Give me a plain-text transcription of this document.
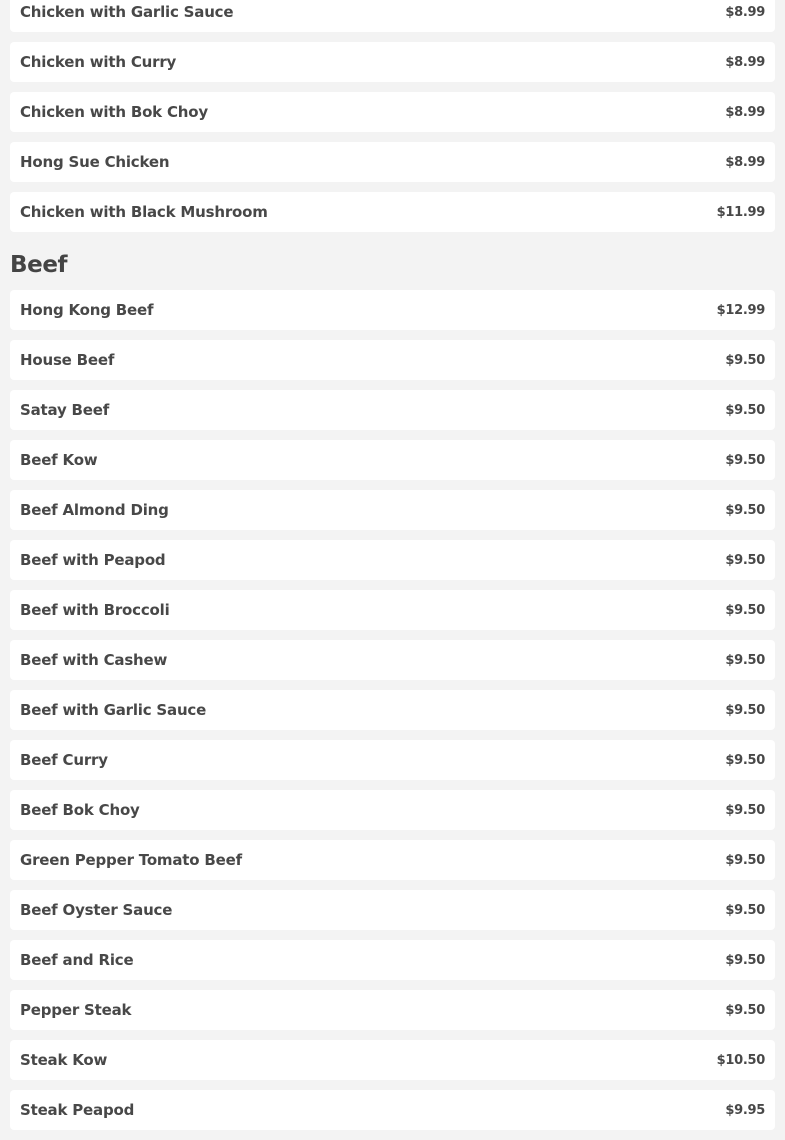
Chicken with Garlic Sauce	$8.99
Chicken with Curry	$8.99
Chicken with Bok Choy	$8.99
Hong Sue Chicken	$8.99
Chicken with Black Mushroom	$11.99
Beef
Hong Kong Beef	$12.99
House Beef	$9.50
Satay Beef	$9.50
Beef Kow	$9.50
Beef Almond Ding	$9.50
Beef with Peapod	$9.50
Beef with Broccoli	$9.50
Beef with Cashew	$9.50
Beef with Garlic Sauce	$9.50
Beef Curry	$9.50
Beef Bok Choy	$9.50
Green Pepper Tomato Beef	$9.50
Beef Oyster Sauce	$9.50
Beef and Rice	$9.50
Pepper Steak	$9.50
Steak Kow	$10.50
Steak Peapod	$9.95
